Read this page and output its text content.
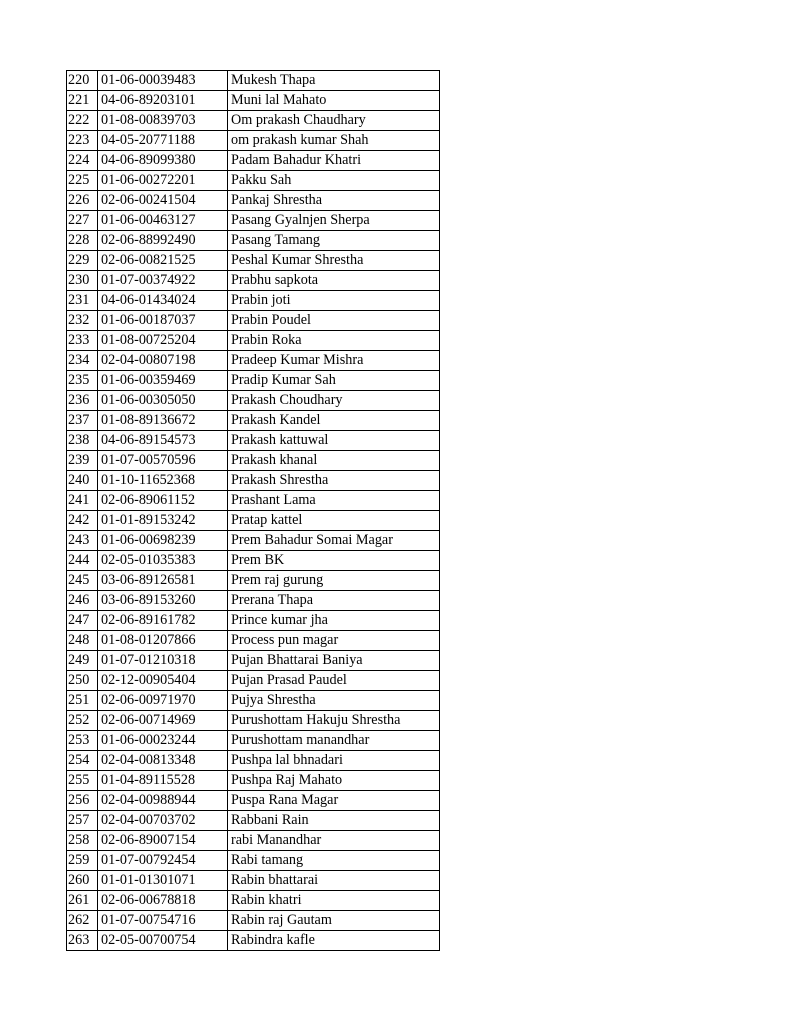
220	01-06-00039483	Mukesh Thapa
221	04-06-89203101	Muni lal Mahato
222	01-08-00839703	Om prakash Chaudhary
223	04-05-20771188	om prakash kumar Shah
224	04-06-89099380	Padam Bahadur Khatri
225	01-06-00272201	Pakku Sah
226	02-06-00241504	Pankaj Shrestha
227	01-06-00463127	Pasang Gyalnjen Sherpa
228	02-06-88992490	Pasang Tamang
229	02-06-00821525	Peshal Kumar Shrestha
230	01-07-00374922	Prabhu sapkota
231	04-06-01434024	Prabin joti
232	01-06-00187037	Prabin Poudel
233	01-08-00725204	Prabin Roka
234	02-04-00807198	Pradeep Kumar Mishra
235	01-06-00359469	Pradip Kumar Sah
236	01-06-00305050	Prakash Choudhary
237	01-08-89136672	Prakash Kandel
238	04-06-89154573	Prakash kattuwal
239	01-07-00570596	Prakash khanal
240	01-10-11652368	Prakash Shrestha
241	02-06-89061152	Prashant Lama
242	01-01-89153242	Pratap kattel
243	01-06-00698239	Prem Bahadur Somai Magar
244	02-05-01035383	Prem BK
245	03-06-89126581	Prem raj gurung
246	03-06-89153260	Prerana Thapa
247	02-06-89161782	Prince kumar jha
248	01-08-01207866	Process pun magar
249	01-07-01210318	Pujan Bhattarai Baniya
250	02-12-00905404	Pujan Prasad Paudel
251	02-06-00971970	Pujya Shrestha
252	02-06-00714969	Purushottam Hakuju Shrestha
253	01-06-00023244	Purushottam manandhar
254	02-04-00813348	Pushpa lal bhnadari
255	01-04-89115528	Pushpa Raj Mahato
256	02-04-00988944	Puspa Rana Magar
257	02-04-00703702	Rabbani Rain
258	02-06-89007154	rabi Manandhar
259	01-07-00792454	Rabi tamang
260	01-01-01301071	Rabin bhattarai
261	02-06-00678818	Rabin khatri
262	01-07-00754716	Rabin raj Gautam
263	02-05-00700754	Rabindra kafle
